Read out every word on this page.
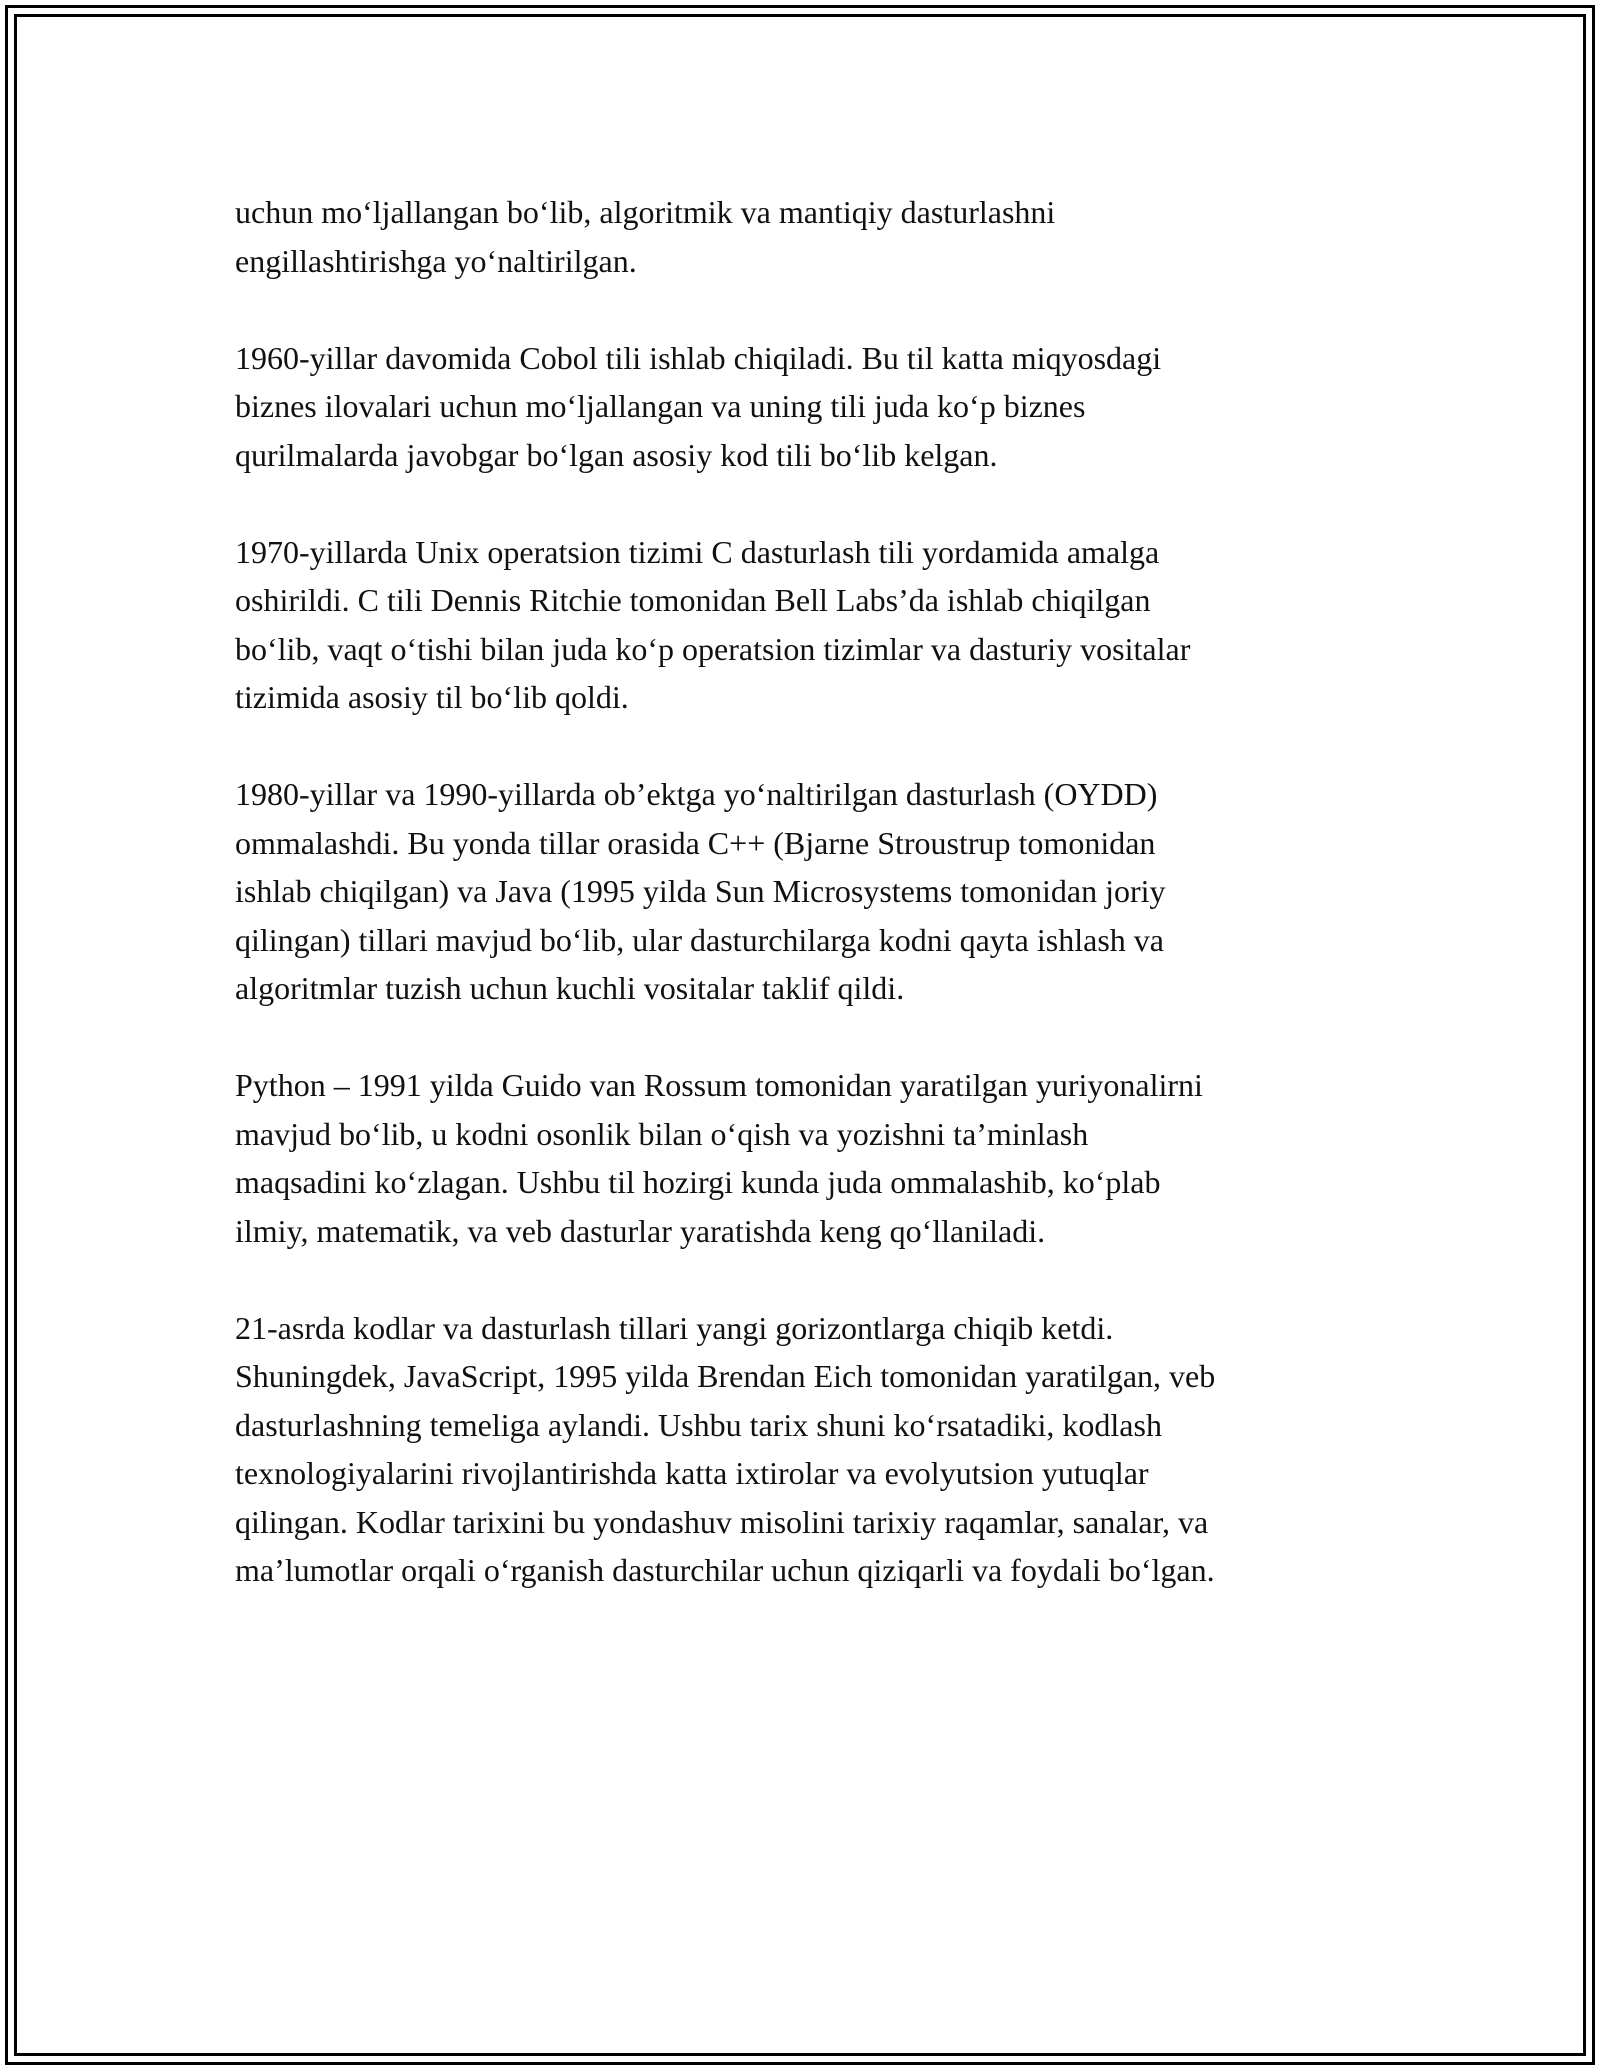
uchun mo‘ljallangan bo‘lib, algoritmik va mantiqiy dasturlashni
engillashtirishga yo‘naltirilgan.

1960-yillar davomida Cobol tili ishlab chiqiladi. Bu til katta miqyosdagi
biznes ilovalari uchun mo‘ljallangan va uning tili juda ko‘p biznes
qurilmalarda javobgar bo‘lgan asosiy kod tili bo‘lib kelgan.

1970-yillarda Unix operatsion tizimi C dasturlash tili yordamida amalga
oshirildi. C tili Dennis Ritchie tomonidan Bell Labs’da ishlab chiqilgan
bo‘lib, vaqt o‘tishi bilan juda ko‘p operatsion tizimlar va dasturiy vositalar
tizimida asosiy til bo‘lib qoldi.

1980-yillar va 1990-yillarda ob’ektga yo‘naltirilgan dasturlash (OYDD)
ommalashdi. Bu yonda tillar orasida C++ (Bjarne Stroustrup tomonidan
ishlab chiqilgan) va Java (1995 yilda Sun Microsystems tomonidan joriy
qilingan) tillari mavjud bo‘lib, ular dasturchilarga kodni qayta ishlash va
algoritmlar tuzish uchun kuchli vositalar taklif qildi.

Python – 1991 yilda Guido van Rossum tomonidan yaratilgan yuriyonalirni
mavjud bo‘lib, u kodni osonlik bilan o‘qish va yozishni ta’minlash
maqsadini ko‘zlagan. Ushbu til hozirgi kunda juda ommalashib, ko‘plab
ilmiy, matematik, va veb dasturlar yaratishda keng qo‘llaniladi.

21-asrda kodlar va dasturlash tillari yangi gorizontlarga chiqib ketdi.
Shuningdek, JavaScript, 1995 yilda Brendan Eich tomonidan yaratilgan, veb
dasturlashning temeliga aylandi. Ushbu tarix shuni ko‘rsatadiki, kodlash
texnologiyalarini rivojlantirishda katta ixtirolar va evolyutsion yutuqlar
qilingan. Kodlar tarixini bu yondashuv misolini tarixiy raqamlar, sanalar, va
ma’lumotlar orqali o‘rganish dasturchilar uchun qiziqarli va foydali bo‘lgan.
